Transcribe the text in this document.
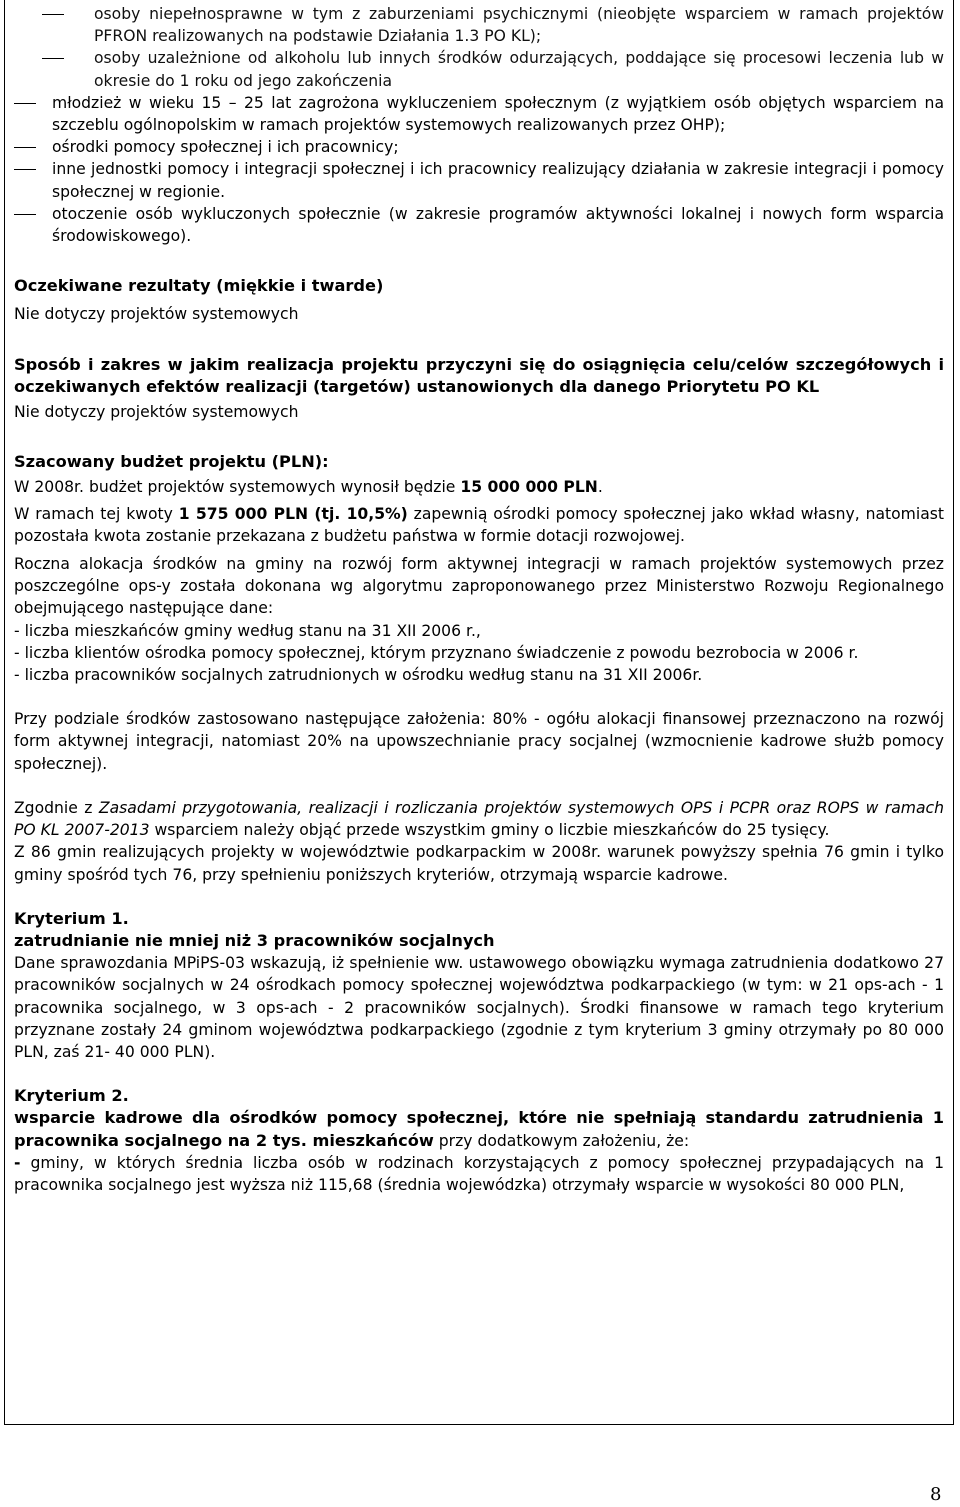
osoby niepełnosprawne w tym z zaburzeniami psychicznymi (nieobjęte wsparciem w ramach projektów PFRON realizowanych na podstawie Działania 1.3 PO KL);
osoby uzależnione od alkoholu lub innych środków odurzających, poddające się procesowi leczenia lub w okresie do 1 roku od jego zakończenia
młodzież w wieku 15 – 25 lat zagrożona wykluczeniem społecznym (z wyjątkiem osób objętych wsparciem na szczeblu ogólnopolskim w ramach projektów systemowych realizowanych przez OHP);
ośrodki pomocy społecznej i ich pracownicy;
inne jednostki pomocy i integracji społecznej i ich pracownicy realizujący działania w zakresie integracji i pomocy społecznej w regionie.
otoczenie osób wykluczonych społecznie (w zakresie programów aktywności lokalnej i nowych form wsparcia środowiskowego).

Oczekiwane rezultaty (miękkie i twarde)

Nie dotyczy projektów systemowych

Sposób i zakres w jakim realizacja projektu przyczyni się do osiągnięcia celu/celów szczegółowych i oczekiwanych efektów realizacji (targetów) ustanowionych dla danego Priorytetu PO KL

Nie dotyczy projektów systemowych

Szacowany budżet projektu (PLN):

W 2008r. budżet projektów systemowych wynosił będzie 15 000 000 PLN.

W ramach tej kwoty 1 575 000 PLN (tj. 10,5%) zapewnią ośrodki pomocy społecznej jako wkład własny, natomiast pozostała kwota zostanie przekazana z budżetu państwa w formie dotacji rozwojowej.

Roczna alokacja środków na gminy na rozwój form aktywnej integracji w ramach projektów systemowych przez poszczególne ops-y została dokonana wg algorytmu zaproponowanego przez Ministerstwo Rozwoju Regionalnego obejmującego następujące dane:

- liczba mieszkańców gminy według stanu na 31 XII 2006 r.,

- liczba klientów ośrodka pomocy społecznej, którym przyznano świadczenie z powodu bezrobocia w 2006 r.

- liczba pracowników socjalnych zatrudnionych w ośrodku według stanu na 31 XII 2006r.

Przy podziale środków zastosowano następujące założenia: 80% - ogółu alokacji finansowej przeznaczono na rozwój form aktywnej integracji, natomiast 20% na upowszechnianie pracy socjalnej (wzmocnienie kadrowe służb pomocy społecznej).

Zgodnie z Zasadami przygotowania, realizacji i rozliczania projektów systemowych OPS i PCPR oraz ROPS w ramach PO KL 2007-2013 wsparciem należy objąć przede wszystkim gminy o liczbie mieszkańców do 25 tysięcy.

Z 86 gmin realizujących projekty w województwie podkarpackim w 2008r. warunek powyższy spełnia 76 gmin i tylko gminy spośród tych 76, przy spełnieniu poniższych kryteriów, otrzymają wsparcie kadrowe.

Kryterium 1.

zatrudnianie nie mniej niż 3 pracowników socjalnych

Dane sprawozdania MPiPS-03 wskazują, iż spełnienie ww. ustawowego obowiązku wymaga zatrudnienia dodatkowo 27 pracowników socjalnych w 24 ośrodkach pomocy społecznej województwa podkarpackiego (w tym: w 21 ops-ach - 1 pracownika socjalnego, w 3 ops-ach - 2 pracowników socjalnych). Środki finansowe w ramach tego kryterium przyznane zostały 24 gminom województwa podkarpackiego (zgodnie z tym kryterium 3 gminy otrzymały po 80 000 PLN, zaś 21- 40 000 PLN).

Kryterium 2.

wsparcie kadrowe dla ośrodków pomocy społecznej, które nie spełniają standardu zatrudnienia 1 pracownika socjalnego na 2 tys. mieszkańców przy dodatkowym założeniu, że:

- gminy, w których średnia liczba osób w rodzinach korzystających z pomocy społecznej przypadających na 1 pracownika socjalnego jest wyższa niż 115,68 (średnia wojewódzka) otrzymały wsparcie w wysokości 80 000 PLN,

8
